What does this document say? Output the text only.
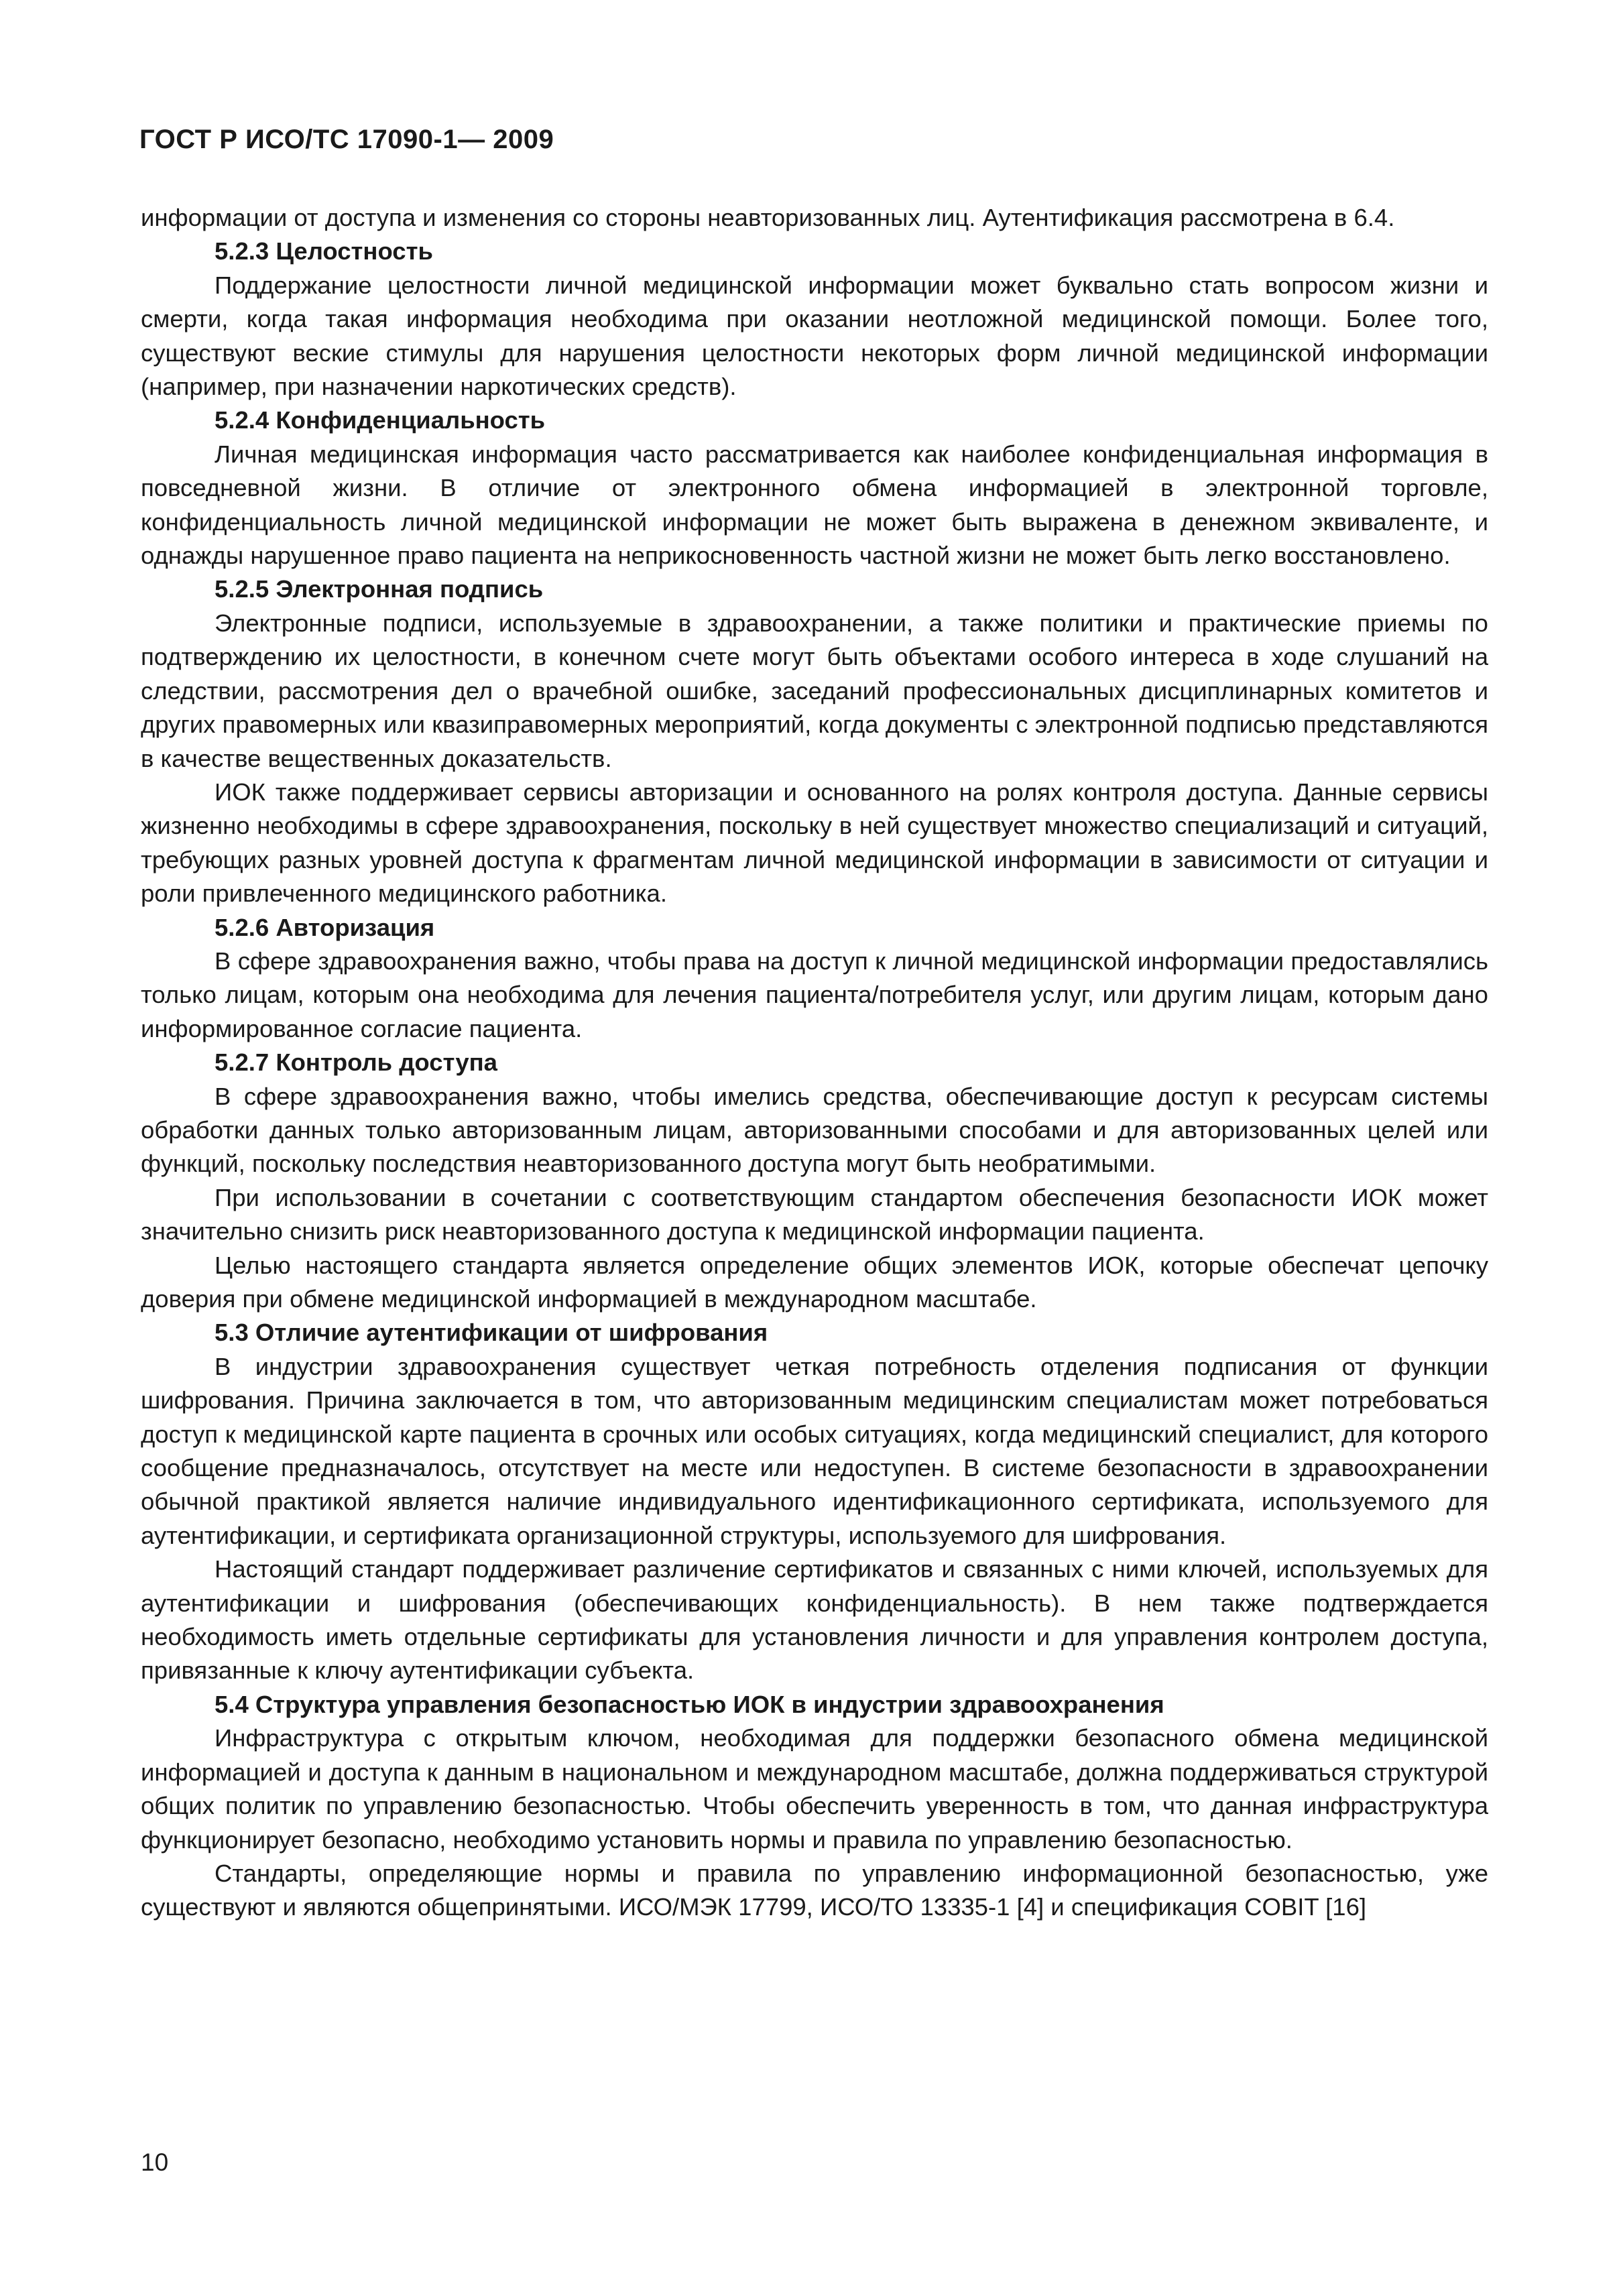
ГОСТ Р ИСО/ТС 17090-1— 2009

информации от доступа и изменения со стороны неавторизованных лиц. Аутентификация рассмотрена в 6.4.

5.2.3 Целостность

Поддержание целостности личной медицинской информации может буквально стать вопросом жизни и смерти, когда такая информация необходима при оказании неотложной медицинской помощи. Более того, существуют веские стимулы для нарушения целостности некоторых форм личной медицинской информации (например, при назначении наркотических средств).

5.2.4 Конфиденциальность

Личная медицинская информация часто рассматривается как наиболее конфиденциальная информация в повседневной жизни. В отличие от электронного обмена информацией в электронной торговле, конфиденциальность личной медицинской информации не может быть выражена в денежном эквиваленте, и однажды нарушенное право пациента на неприкосновенность частной жизни не может быть легко восстановлено.

5.2.5 Электронная подпись

Электронные подписи, используемые в здравоохранении, а также политики и практические приемы по подтверждению их целостности, в конечном счете могут быть объектами особого интереса в ходе слушаний на следствии, рассмотрения дел о врачебной ошибке, заседаний профессиональных дисциплинарных комитетов и других правомерных или квазиправомерных мероприятий, когда документы с электронной подписью представляются в качестве вещественных доказательств.

ИОК также поддерживает сервисы авторизации и основанного на ролях контроля доступа. Данные сервисы жизненно необходимы в сфере здравоохранения, поскольку в ней существует множество специализаций и ситуаций, требующих разных уровней доступа к фрагментам личной медицинской информации в зависимости от ситуации и роли привлеченного медицинского работника.

5.2.6 Авторизация

В сфере здравоохранения важно, чтобы права на доступ к личной медицинской информации предоставлялись только лицам, которым она необходима для лечения пациента/потребителя услуг, или другим лицам, которым дано информированное согласие пациента.

5.2.7 Контроль доступа

В сфере здравоохранения важно, чтобы имелись средства, обеспечивающие доступ к ресурсам системы обработки данных только авторизованным лицам, авторизованными способами и для авторизованных целей или функций, поскольку последствия неавторизованного доступа могут быть необратимыми.

При использовании в сочетании с соответствующим стандартом обеспечения безопасности ИОК может значительно снизить риск неавторизованного доступа к медицинской информации пациента.

Целью настоящего стандарта является определение общих элементов ИОК, которые обеспечат цепочку доверия при обмене медицинской информацией в международном масштабе.

5.3 Отличие аутентификации от шифрования

В индустрии здравоохранения существует четкая потребность отделения подписания от функции шифрования. Причина заключается в том, что авторизованным медицинским специалистам может потребоваться доступ к медицинской карте пациента в срочных или особых ситуациях, когда медицинский специалист, для которого сообщение предназначалось, отсутствует на месте или недоступен. В системе безопасности в здравоохранении обычной практикой является наличие индивидуального идентификационного сертификата, используемого для аутентификации, и сертификата организационной структуры, используемого для шифрования.

Настоящий стандарт поддерживает различение сертификатов и связанных с ними ключей, используемых для аутентификации и шифрования (обеспечивающих конфиденциальность). В нем также подтверждается необходимость иметь отдельные сертификаты для установления личности и для управления контролем доступа, привязанные к ключу аутентификации субъекта.

5.4 Структура управления безопасностью ИОК в индустрии здравоохранения

Инфраструктура с открытым ключом, необходимая для поддержки безопасного обмена медицинской информацией и доступа к данным в национальном и международном масштабе, должна поддерживаться структурой общих политик по управлению безопасностью. Чтобы обеспечить уверенность в том, что данная инфраструктура функционирует безопасно, необходимо установить нормы и правила по управлению безопасностью.

Стандарты, определяющие нормы и правила по управлению информационной безопасностью, уже существуют и являются общепринятыми. ИСО/МЭК 17799, ИСО/ТО 13335-1 [4] и спецификация COBIT [16]

10
